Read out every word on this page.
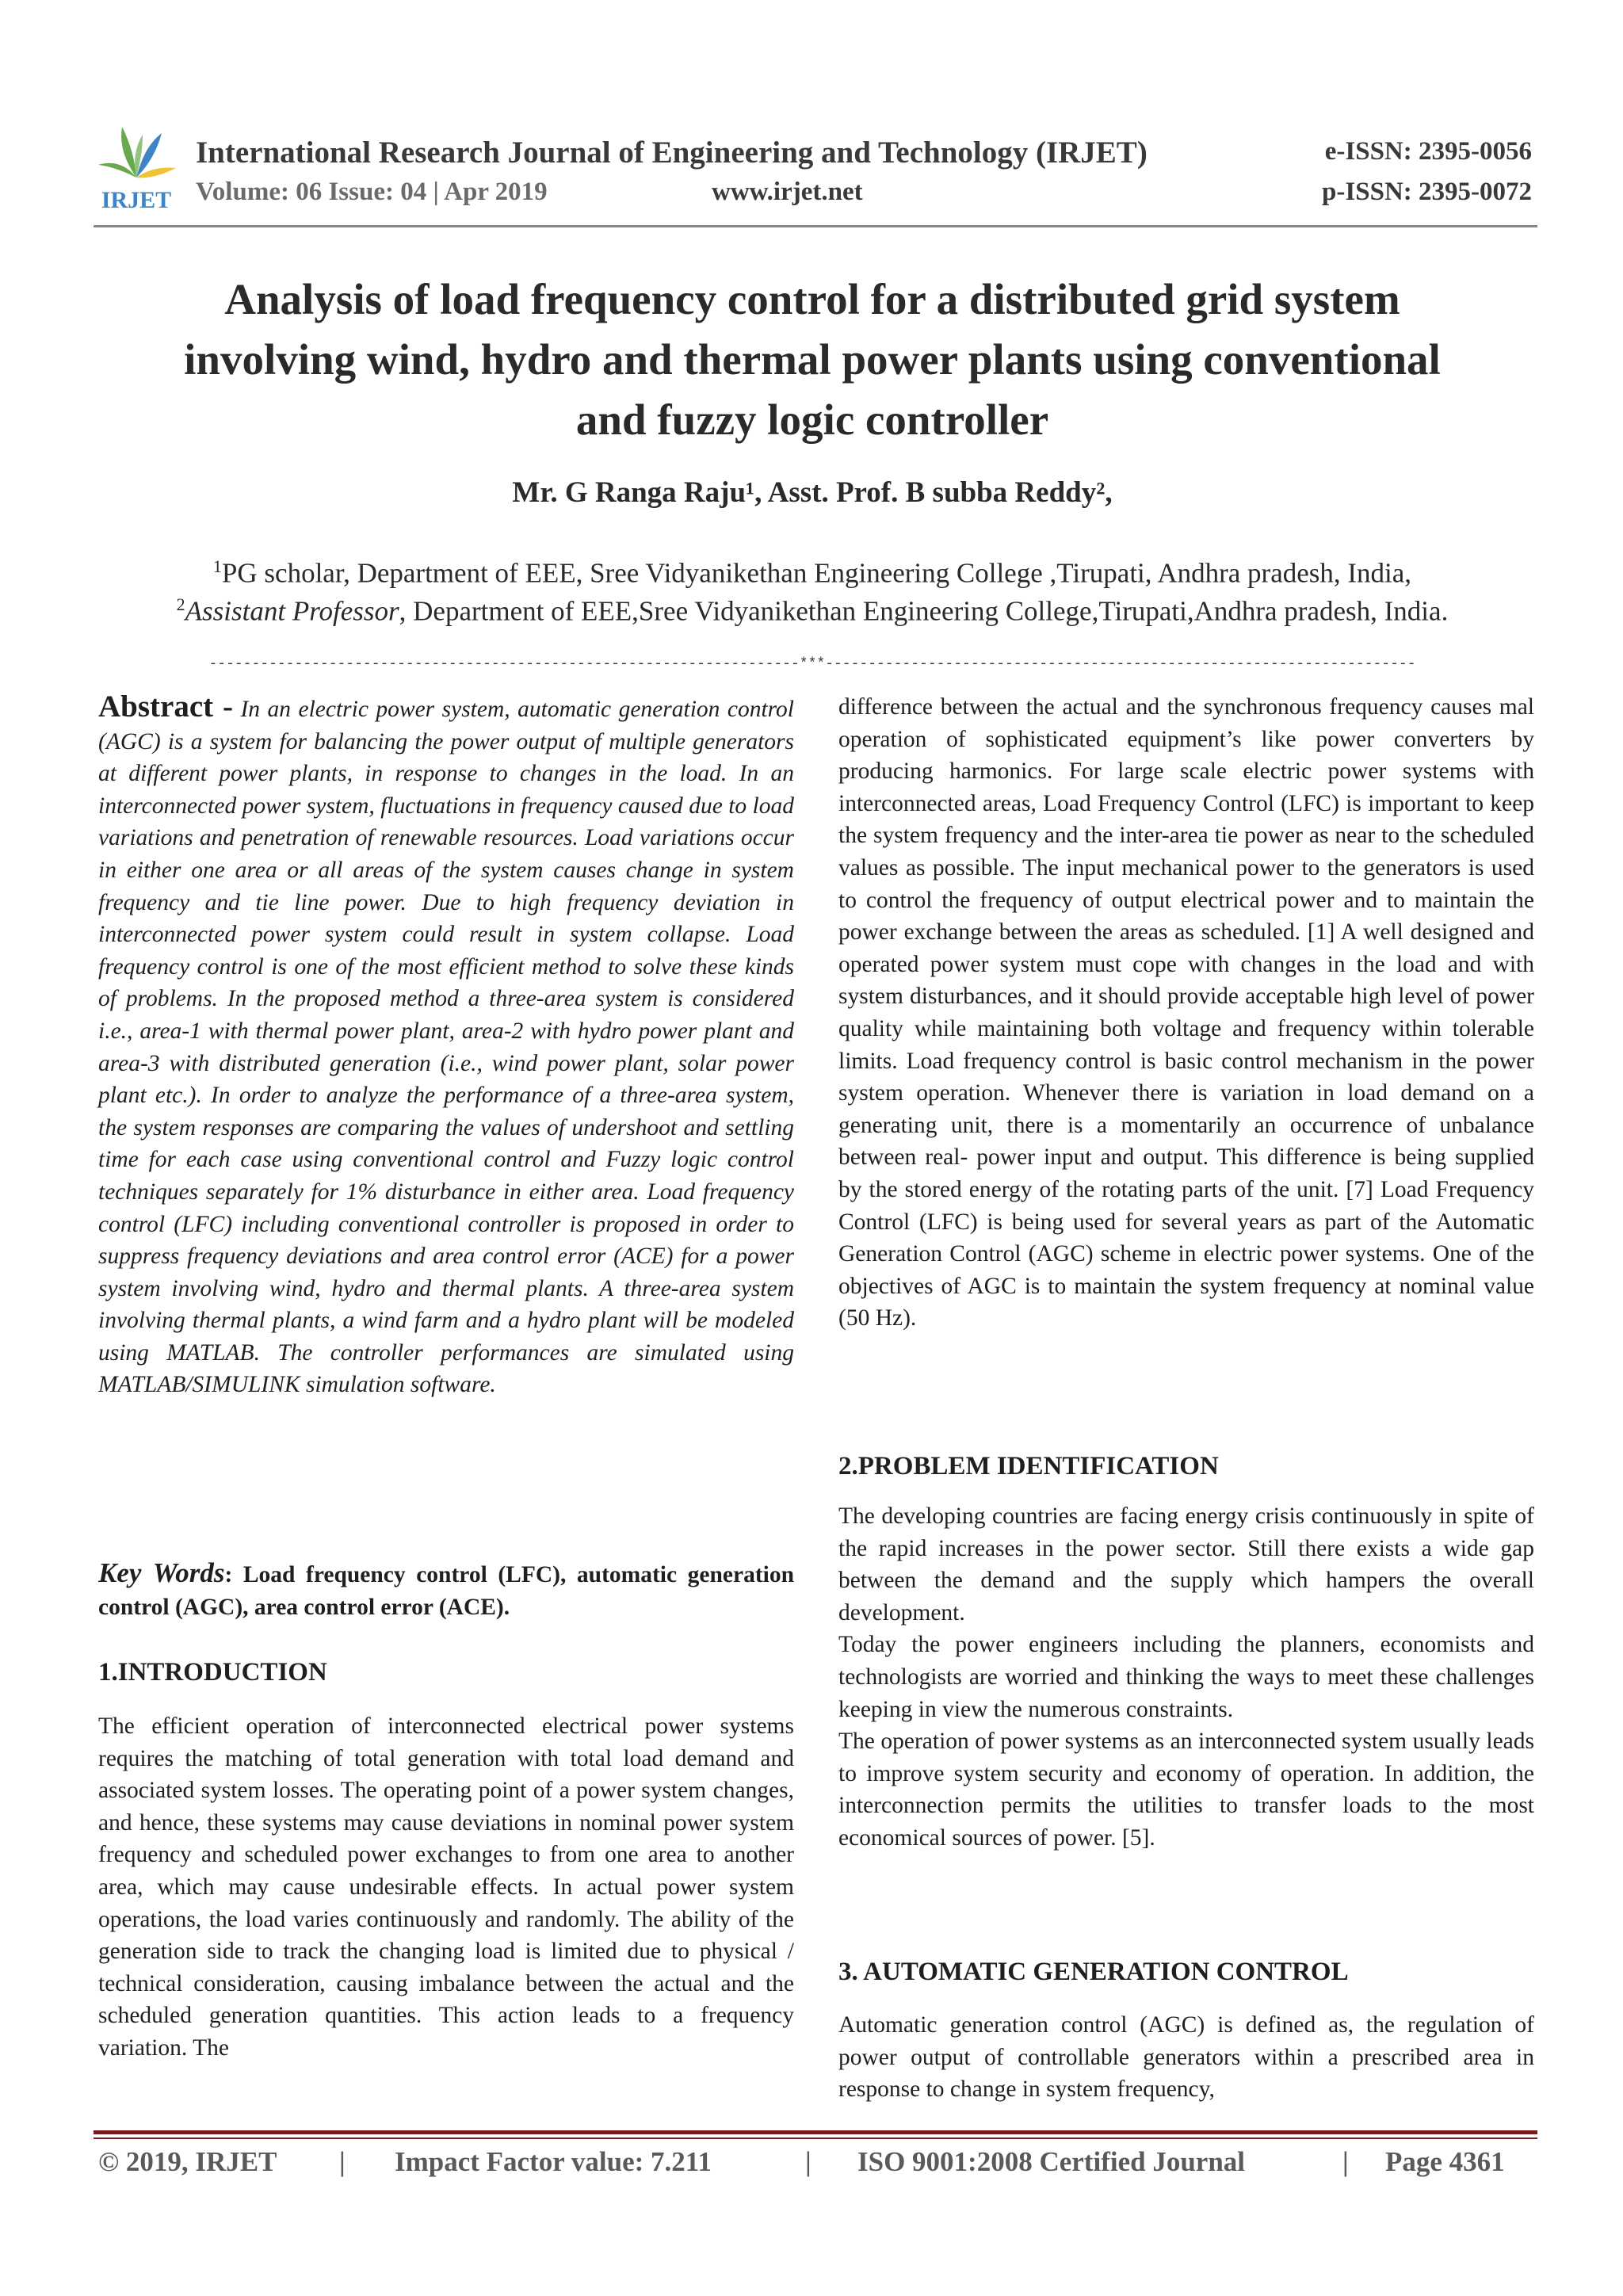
IRJET
International Research Journal of Engineering and Technology (IRJET)
Volume: 06 Issue: 04 | Apr 2019	www.irjet.net
e-ISSN: 2395-0056
p-ISSN: 2395-0072
Analysis of load frequency control for a distributed grid system
involving wind, hydro and thermal power plants using conventional
and fuzzy logic controller
Mr. G Ranga Raju¹, Asst. Prof. B subba Reddy²,
$^1$PG scholar, Department of EEE, Sree Vidyanikethan Engineering College ,Tirupati, Andhra pradesh, India,
$^2$Assistant Professor, Department of EEE,Sree Vidyanikethan Engineering College,Tirupati,Andhra pradesh, India.
---------------------------------------------------------------------***---------------------------------------------------------------------

Abstract - In an electric power system, automatic generation control (AGC) is a system for balancing the power output of multiple generators at different power plants, in response to changes in the load. In an interconnected power system, fluctuations in frequency caused due to load variations and penetration of renewable resources. Load variations occur in either one area or all areas of the system causes change in system frequency and tie line power. Due to high frequency deviation in interconnected power system could result in system collapse. Load frequency control is one of the most efficient method to solve these kinds of problems. In the proposed method a three-area system is considered i.e., area-1 with thermal power plant, area-2 with hydro power plant and area-3 with distributed generation (i.e., wind power plant, solar power plant etc.). In order to analyze the performance of a three-area system, the system responses are comparing the values of undershoot and settling time for each case using conventional control and Fuzzy logic control techniques separately for 1% disturbance in either area. Load frequency control (LFC) including conventional controller is proposed in order to suppress frequency deviations and area control error (ACE) for a power system involving wind, hydro and thermal plants. A three-area system involving thermal plants, a wind farm and a hydro plant will be modeled using MATLAB. The controller performances are simulated using MATLAB/SIMULINK simulation software.

Key Words: Load frequency control (LFC), automatic generation control (AGC), area control error (ACE).

1.INTRODUCTION

The efficient operation of interconnected electrical power systems requires the matching of total generation with total load demand and associated system losses. The operating point of a power system changes, and hence, these systems may cause deviations in nominal power system frequency and scheduled power exchanges to from one area to another area, which may cause undesirable effects. In actual power system operations, the load varies continuously and randomly. The ability of the generation side to track the changing load is limited due to physical / technical consideration, causing imbalance between the actual and the scheduled generation quantities. This action leads to a frequency variation. The

difference between the actual and the synchronous frequency causes mal operation of sophisticated equipment’s like power converters by producing harmonics. For large scale electric power systems with interconnected areas, Load Frequency Control (LFC) is important to keep the system frequency and the inter-area tie power as near to the scheduled values as possible. The input mechanical power to the generators is used to control the frequency of output electrical power and to maintain the power exchange between the areas as scheduled. [1] A well designed and operated power system must cope with changes in the load and with system disturbances, and it should provide acceptable high level of power quality while maintaining both voltage and frequency within tolerable limits. Load frequency control is basic control mechanism in the power system operation. Whenever there is variation in load demand on a generating unit, there is a momentarily an occurrence of unbalance between real- power input and output. This difference is being supplied by the stored energy of the rotating parts of the unit. [7] Load Frequency Control (LFC) is being used for several years as part of the Automatic Generation Control (AGC) scheme in electric power systems. One of the objectives of AGC is to maintain the system frequency at nominal value (50 Hz).

2.PROBLEM IDENTIFICATION

The developing countries are facing energy crisis continuously in spite of the rapid increases in the power sector. Still there exists a wide gap between the demand and the supply which hampers the overall development.

Today the power engineers including the planners, economists and technologists are worried and thinking the ways to meet these challenges keeping in view the numerous constraints.

The operation of power systems as an interconnected system usually leads to improve system security and economy of operation. In addition, the interconnection permits the utilities to transfer loads to the most economical sources of power. [5].

3. AUTOMATIC GENERATION CONTROL

Automatic generation control (AGC) is defined as, the regulation of power output of controllable generators within a prescribed area in response to change in system frequency,

© 2019, IRJET | Impact Factor value: 7.211	| ISO 9001:2008 Certified Journal	| Page 4361
